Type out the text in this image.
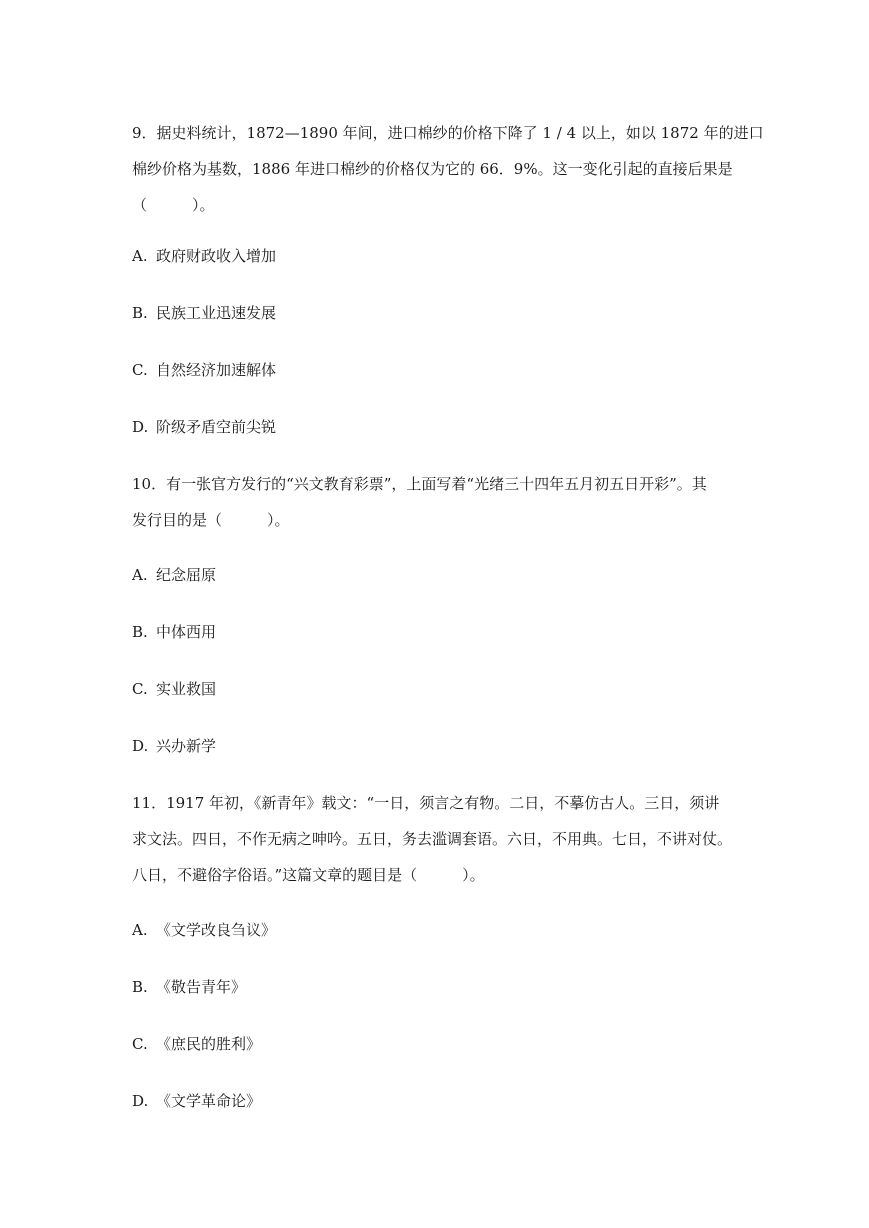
9．据史料统计，1872—1890 年间，进口棉纱的价格下降了 1 / 4 以上，如以 1872 年的进口
棉纱价格为基数，1886 年进口棉纱的价格仅为它的 66．9%。这一变化引起的直接后果是
（　　　）。
A. 政府财政收入增加
B. 民族工业迅速发展
C. 自然经济加速解体
D. 阶级矛盾空前尖锐
10．有一张官方发行的“兴文教育彩票”，上面写着“光绪三十四年五月初五日开彩”。其
发行目的是（　　　）。
A. 纪念屈原
B. 中体西用
C. 实业救国
D. 兴办新学
11．1917 年初，《新青年》载文：“一日，须言之有物。二日，不摹仿古人。三日，须讲
求文法。四日，不作无病之呻吟。五日，务去滥调套语。六日，不用典。七日，不讲对仗。
八日，不避俗字俗语。”这篇文章的题目是（　　　）。
A. 《文学改良刍议》
B. 《敬告青年》
C. 《庶民的胜利》
D. 《文学革命论》
